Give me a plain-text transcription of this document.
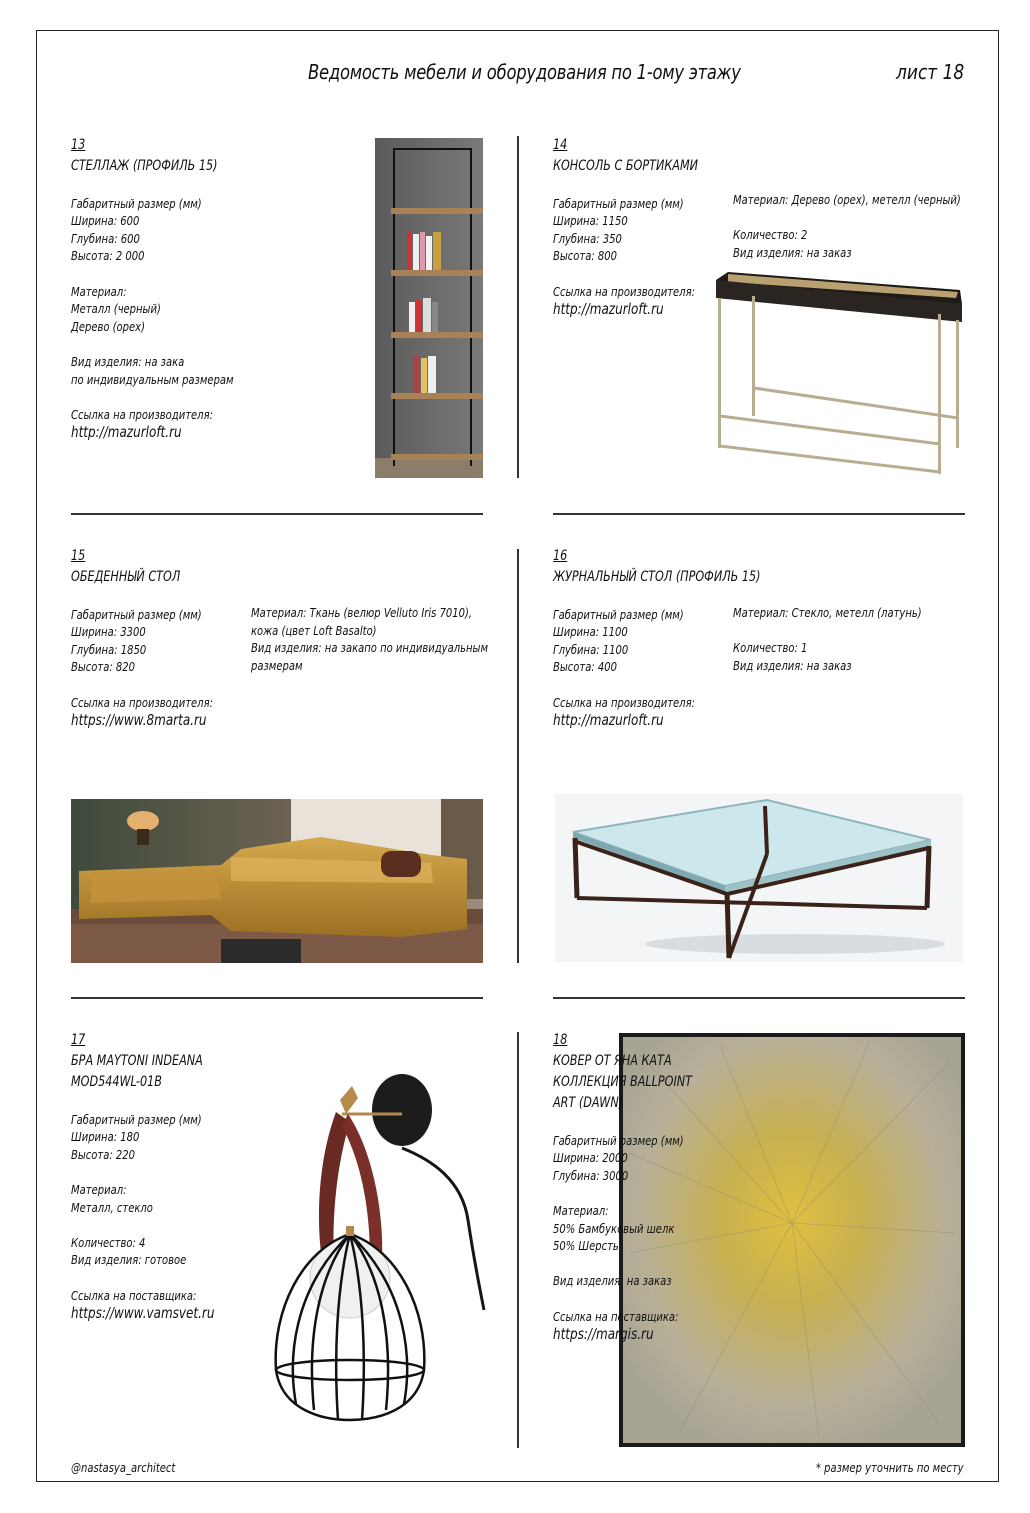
Ведомость мебели и оборудования по 1-ому этажу	лист 18
13
СТЕЛЛАЖ (ПРОФИЛЬ 15)
Габаритный размер (мм)
Ширина: 600
Глубина: 600
Высота: 2 000
Материал:
Металл (черный)
Дерево (орех)
Вид изделия: на зака
по индивидуальным размерам
Ссылка на производителя:
http://mazurloft.ru
14
КОНСОЛЬ С БОРТИКАМИ
Габаритный размер (мм)
Ширина: 1150
Глубина: 350
Высота: 800
Ссылка на производителя:
http://mazurloft.ru
Материал: Дерево (орех), метелл (черный)
Количество: 2
Вид изделия: на заказ
15
ОБЕДЕННЫЙ СТОЛ
Габаритный размер (мм)
Ширина: 3300
Глубина: 1850
Высота: 820
Ссылка на производителя:
https://www.8marta.ru
Материал: Ткань (велюр Velluto Iris 7010),
кожа (цвет Loft Basalto)
Вид изделия: на закапо по индивидуальным
размерам
16
ЖУРНАЛЬНЫЙ СТОЛ (ПРОФИЛЬ 15)
Габаритный размер (мм)
Ширина: 1100
Глубина: 1100
Высота: 400
Ссылка на производителя:
http://mazurloft.ru
Материал: Стекло, метелл (латунь)
Количество: 1
Вид изделия: на заказ
17
БРА MAYTONI INDEANA
MOD544WL-01B
Габаритный размер (мм)
Ширина: 180
Высота: 220
Материал:
Металл, стекло
Количество: 4
Вид изделия: готовое
Ссылка на поставщика:
https://www.vamsvet.ru
18
КОВЕР ОТ ЯНА КАТА
КОЛЛЕКЦИЯ BALLPOINT
ART (DAWN)
Габаритный размер (мм)
Ширина: 2000
Глубина: 3000
Материал:
50% Бамбуковый шелк
50% Шерсть
Вид изделия: на заказ
Ссылка на поставщика:
https://margis.ru
@nastasya_architect	* размер уточнить по месту
